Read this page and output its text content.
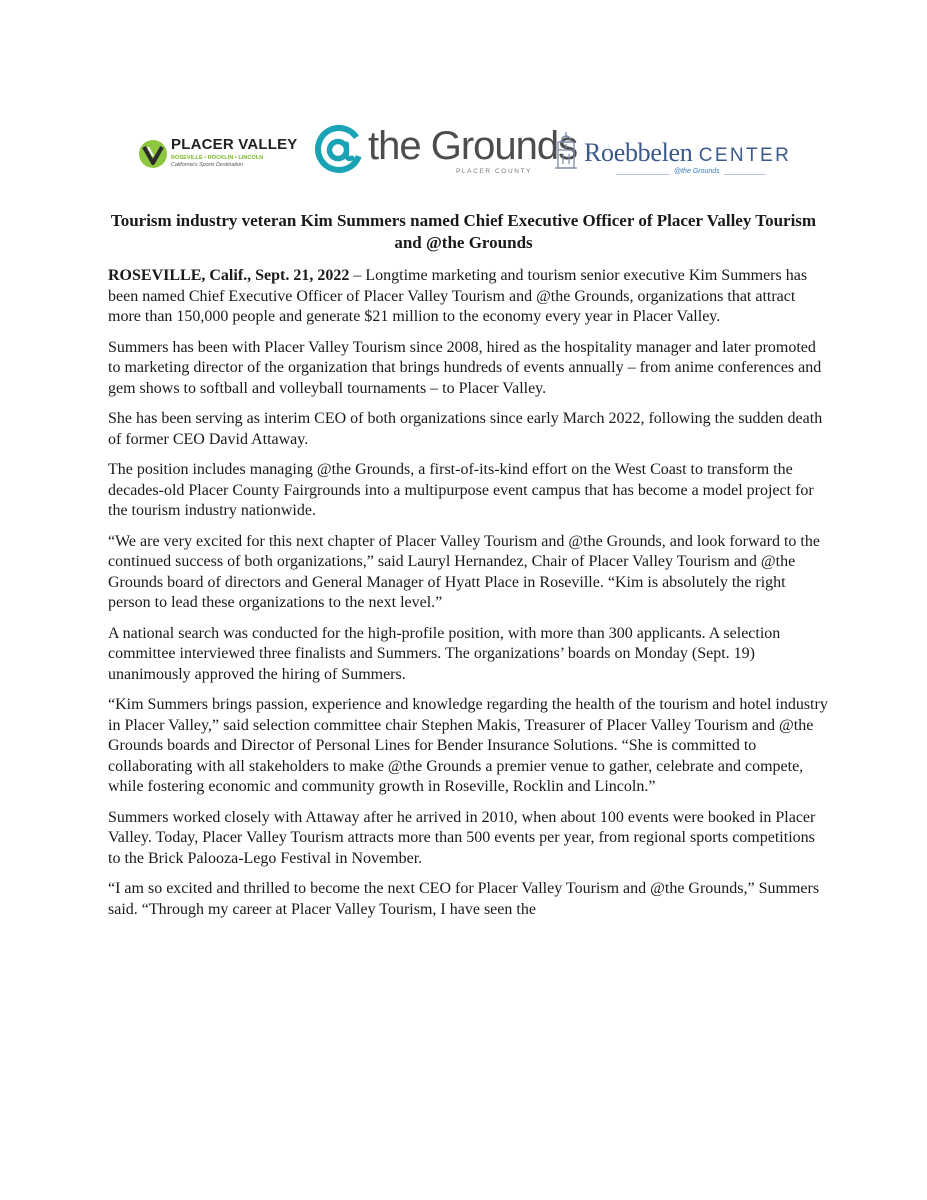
PLACER VALLEY
ROSEVILLE • ROCKLIN • LINCOLN
California's Sports Destination	the Grounds
PLACER COUNTY
Roebbelen CENTER
@the Grounds
Tourism industry veteran Kim Summers named Chief Executive Officer of Placer Valley Tourism and @the Grounds

ROSEVILLE, Calif., Sept. 21, 2022 – Longtime marketing and tourism senior executive Kim Summers has been named Chief Executive Officer of Placer Valley Tourism and @the Grounds, organizations that attract more than 150,000 people and generate $21 million to the economy every year in Placer Valley.

Summers has been with Placer Valley Tourism since 2008, hired as the hospitality manager and later promoted to marketing director of the organization that brings hundreds of events annually – from anime conferences and gem shows to softball and volleyball tournaments – to Placer Valley.

She has been serving as interim CEO of both organizations since early March 2022, following the sudden death of former CEO David Attaway.

The position includes managing @the Grounds, a first-of-its-kind effort on the West Coast to transform the decades-old Placer County Fairgrounds into a multipurpose event campus that has become a model project for the tourism industry nationwide.

“We are very excited for this next chapter of Placer Valley Tourism and @the Grounds, and look forward to the continued success of both organizations,” said Lauryl Hernandez, Chair of Placer Valley Tourism and @the Grounds board of directors and General Manager of Hyatt Place in Roseville. “Kim is absolutely the right person to lead these organizations to the next level.”

A national search was conducted for the high-profile position, with more than 300 applicants. A selection committee interviewed three finalists and Summers. The organizations’ boards on Monday (Sept. 19) unanimously approved the hiring of Summers.

“Kim Summers brings passion, experience and knowledge regarding the health of the tourism and hotel industry in Placer Valley,” said selection committee chair Stephen Makis, Treasurer of Placer Valley Tourism and @the Grounds boards and Director of Personal Lines for Bender Insurance Solutions. “She is committed to collaborating with all stakeholders to make @the Grounds a premier venue to gather, celebrate and compete, while fostering economic and community growth in Roseville, Rocklin and Lincoln.”

Summers worked closely with Attaway after he arrived in 2010, when about 100 events were booked in Placer Valley. Today, Placer Valley Tourism attracts more than 500 events per year, from regional sports competitions to the Brick Palooza-Lego Festival in November.

“I am so excited and thrilled to become the next CEO for Placer Valley Tourism and @the Grounds,” Summers said. “Through my career at Placer Valley Tourism, I have seen the
